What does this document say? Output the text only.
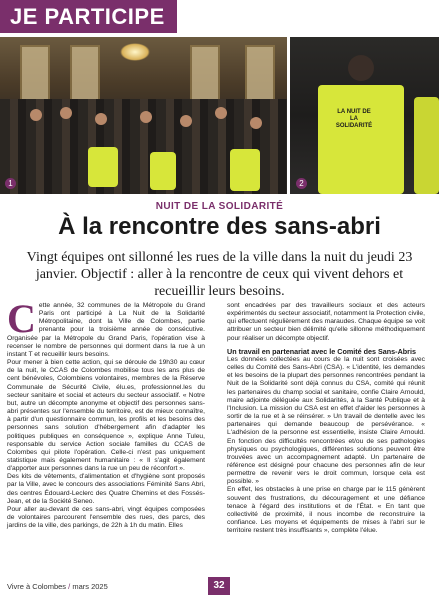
JE PARTICIPE
1
LA NUIT DE LA SOLIDARITÉ
2
NUIT DE LA SOLIDARITÉ
À la rencontre des sans-abri
Vingt équipes ont sillonné les rues de la ville dans la nuit du jeudi 23 janvier. Objectif : aller à la rencontre de ceux qui vivent dehors et recueillir leurs besoins.

Cette année, 32 communes de la Métropole du Grand Paris ont participé à La Nuit de la Solidarité Métropolitaine, dont la Ville de Colombes, partie prenante pour la troisième année de consécutive. Organisée par la Métropole du Grand Paris, l'opération vise à recenser le nombre de personnes qui dorment dans la rue à un instant T et recueillir leurs besoins.

Pour mener à bien cette action, qui se déroule de 19h30 au cœur de la nuit, le CCAS de Colombes mobilise tous les ans plus de cent bénévoles, Colombiens volontaires, membres de la Réserve Communale de Sécurité Civile, élu.es, professionnel.les du secteur sanitaire et social et acteurs du secteur associatif. « Notre but, autre un décompte anonyme et objectif des personnes sans-abri présentes sur l'ensemble du territoire, est de mieux connaître, à partir d'un questionnaire commun, les profils et les besoins des personnes sans solution d'hébergement afin d'adapter les politiques publiques en conséquence », explique Anne Tuleu, responsable du service Action sociale familles du CCAS de Colombes qui pilote l'opération. Celle-ci n'est pas uniquement statistique mais également humanitaire : « Il s'agit également d'apporter aux personnes dans la rue un peu de réconfort ».

Des kits de vêtements, d'alimentation et d'hygiène sont proposés par la Ville, avec le concours des associations Féminité Sans Abri, des centres Édouard-Leclerc des Quatre Chemins et des Fossés-Jean, et de la Société Seneo.

Pour aller au-devant de ces sans-abri, vingt équipes composées de volontaires parcourent l'ensemble des rues, des parcs, des jardins de la ville, des parkings, de 22h à 1h du matin. Elles

sont encadrées par des travailleurs sociaux et des acteurs expérimentés du secteur associatif, notamment la Protection civile, qui effectuent régulièrement des maraudes. Chaque équipe se voit attribuer un secteur bien délimité qu'elle sillonne méthodiquement pour réaliser un décompte objectif.

Un travail en partenariat avec le Comité des Sans-Abris

Les données collectées au cours de la nuit sont croisées avec celles du Comité des Sans-Abri (CSA). « L'identité, les demandes et les besoins de la plupart des personnes rencontrées pendant la Nuit de la Solidarité sont déjà connus du CSA, comité qui réunit les partenaires du champ social et sanitaire, confie Claire Arnould, maire adjointe déléguée aux Solidarités, à la Santé Publique et à l'Inclusion. La mission du CSA est en effet d'aider les personnes à sortir de la rue et à se réinsérer. » Un travail de dentelle avec les partenaires qui demande beaucoup de persévérance. « L'adhésion de la personne est essentielle, insiste Claire Arnould. En fonction des difficultés rencontrées et/ou de ses pathologies physiques ou psychologiques, différentes solutions peuvent être trouvées avec un accompagnement adapté. Un partenaire de référence est désigné pour chacune des personnes afin de leur permettre de revenir vers le droit commun, lorsque cela est possible. »

En effet, les obstacles à une prise en charge par le 115 génèrent souvent des frustrations, du découragement et une défiance tenace à l'égard des institutions et de l'État. « En tant que collectivité de proximité, il nous incombe de reconstruire la confiance. Les moyens et équipements de mises à l'abri sur le territoire restent très insuffisants », complète l'élue.

Vivre à Colombes / mars 2025	32
